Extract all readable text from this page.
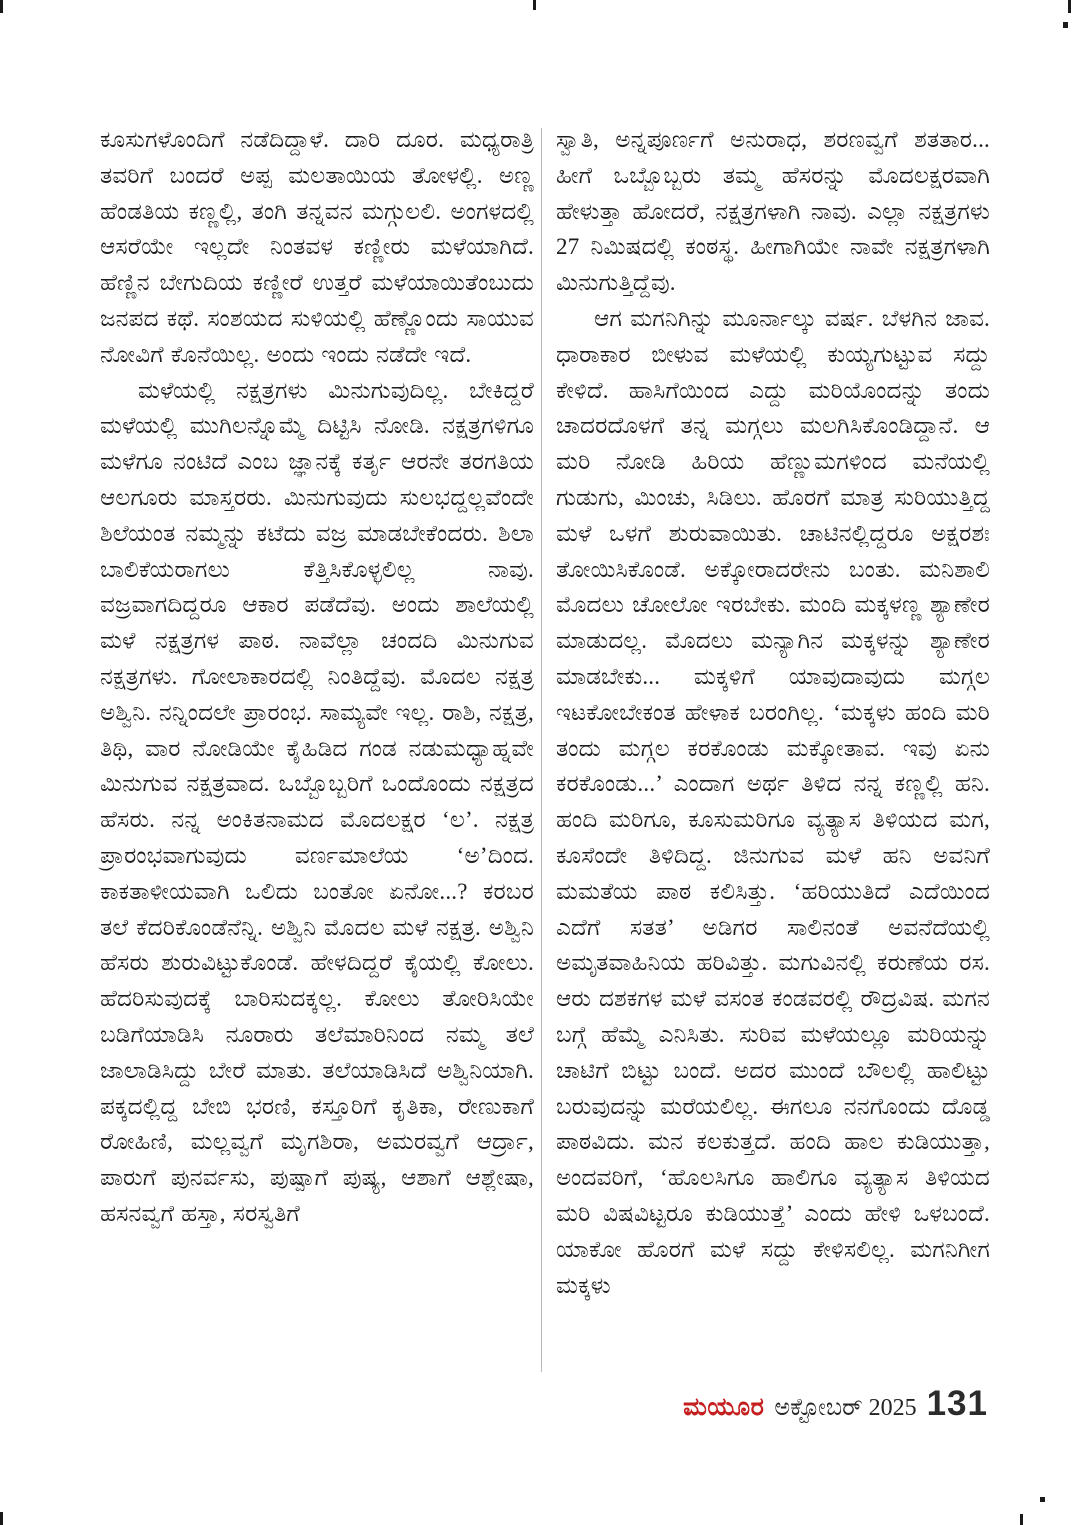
ಕೂಸುಗಳೊಂದಿಗೆ ನಡೆದಿದ್ದಾಳೆ. ದಾರಿ ದೂರ. ಮಧ್ಯರಾತ್ರಿ ತವರಿಗೆ ಬಂದರೆ ಅಪ್ಪ ಮಲತಾಯಿಯ ತೋಳಲ್ಲಿ. ಅಣ್ಣ ಹೆಂಡತಿಯ ಕಣ್ಣಲ್ಲಿ, ತಂಗಿ ತನ್ನವನ ಮಗ್ಗುಲಲಿ. ಅಂಗಳದಲ್ಲಿ ಆಸರೆಯೇ ಇಲ್ಲದೇ ನಿಂತವಳ ಕಣ್ಣೀರು ಮಳೆಯಾಗಿದೆ. ಹೆಣ್ಣಿನ ಬೇಗುದಿಯ ಕಣ್ಣೀರೆ ಉತ್ತರೆ ಮಳೆಯಾಯಿತೆಂಬುದು ಜನಪದ ಕಥೆ. ಸಂಶಯದ ಸುಳಿಯಲ್ಲಿ ಹೆಣ್ಣೊಂದು ಸಾಯುವ ನೋವಿಗೆ ಕೊನೆಯಿಲ್ಲ. ಅಂದು ಇಂದು ನಡೆದೇ ಇದೆ.

ಮಳೆಯಲ್ಲಿ ನಕ್ಷತ್ರಗಳು ಮಿನುಗುವುದಿಲ್ಲ. ಬೇಕಿದ್ದರೆ ಮಳೆಯಲ್ಲಿ ಮುಗಿಲನ್ನೊಮ್ಮೆ ದಿಟ್ಟಿಸಿ ನೋಡಿ. ನಕ್ಷತ್ರಗಳಿಗೂ ಮಳೆಗೂ ನಂಟಿದೆ ಎಂಬ ಜ್ಞಾನಕ್ಕೆ ಕರ್ತೃ ಆರನೇ ತರಗತಿಯ ಆಲಗೂರು ಮಾಸ್ತರರು. ಮಿನುಗುವುದು ಸುಲಭದ್ದಲ್ಲವೆಂದೇ ಶಿಲೆಯಂತ ನಮ್ಮನ್ನು ಕಟೆದು ವಜ್ರ ಮಾಡಬೇಕೆಂದರು. ಶಿಲಾ ಬಾಲಿಕೆಯರಾಗಲು ಕೆತ್ತಿಸಿಕೊಳ್ಳಲಿಲ್ಲ ನಾವು. ವಜ್ರವಾಗದಿದ್ದರೂ ಆಕಾರ ಪಡೆದೆವು. ಅಂದು ಶಾಲೆಯಲ್ಲಿ ಮಳೆ ನಕ್ಷತ್ರಗಳ ಪಾಠ. ನಾವೆಲ್ಲಾ ಚಂದದಿ ಮಿನುಗುವ ನಕ್ಷತ್ರಗಳು. ಗೋಲಾಕಾರದಲ್ಲಿ ನಿಂತಿದ್ದೆವು. ಮೊದಲ ನಕ್ಷತ್ರ ಅಶ್ವಿನಿ. ನನ್ನಿಂದಲೇ ಪ್ರಾರಂಭ. ಸಾಮ್ಯವೇ ಇಲ್ಲ. ರಾಶಿ, ನಕ್ಷತ್ರ, ತಿಥಿ, ವಾರ ನೋಡಿಯೇ ಕೈಹಿಡಿದ ಗಂಡ ನಡುಮಧ್ಯಾಹ್ನವೇ ಮಿನುಗುವ ನಕ್ಷತ್ರವಾದ. ಒಬ್ಬೊಬ್ಬರಿಗೆ ಒಂದೊಂದು ನಕ್ಷತ್ರದ ಹೆಸರು. ನನ್ನ ಅಂಕಿತನಾಮದ ಮೊದಲಕ್ಷರ ‘ಲ’. ನಕ್ಷತ್ರ ಪ್ರಾರಂಭವಾಗುವುದು ವರ್ಣಮಾಲೆಯ ‘ಅ’ದಿಂದ. ಕಾಕತಾಳೀಯವಾಗಿ ಒಲಿದು ಬಂತೋ ಏನೋ...? ಕರಬರ ತಲೆ ಕೆದರಿಕೊಂಡೆನೆನ್ನಿ. ಅಶ್ವಿನಿ ಮೊದಲ ಮಳೆ ನಕ್ಷತ್ರ. ಅಶ್ವಿನಿ ಹೆಸರು ಶುರುವಿಟ್ಟುಕೊಂಡೆ. ಹೇಳದಿದ್ದರೆ ಕೈಯಲ್ಲಿ ಕೋಲು. ಹೆದರಿಸುವುದಕ್ಕೆ ಬಾರಿಸುದಕ್ಕಲ್ಲ. ಕೋಲು ತೋರಿಸಿಯೇ ಬಡಿಗೆಯಾಡಿಸಿ ನೂರಾರು ತಲೆಮಾರಿನಿಂದ ನಮ್ಮ ತಲೆ ಜಾಲಾಡಿಸಿದ್ದು ಬೇರೆ ಮಾತು. ತಲೆಯಾಡಿಸಿದೆ ಅಶ್ವಿನಿಯಾಗಿ. ಪಕ್ಕದಲ್ಲಿದ್ದ ಬೇಬಿ ಭರಣಿ, ಕಸ್ತೂರಿಗೆ ಕೃತಿಕಾ, ರೇಣುಕಾಗೆ ರೋಹಿಣಿ, ಮಲ್ಲವ್ವಗೆ ಮೃಗಶಿರಾ, ಅಮರವ್ವಗೆ ಆರ್ದ್ರಾ, ಪಾರುಗೆ ಪುನರ್ವಸು, ಪುಷ್ಪಾಗೆ ಪುಷ್ಯ, ಆಶಾಗೆ ಆಶ್ಲೇಷಾ, ಹಸನವ್ವಗೆ ಹಸ್ತಾ, ಸರಸ್ವತಿಗೆ

ಸ್ವಾತಿ, ಅನ್ನಪೂರ್ಣಗೆ ಅನುರಾಧ, ಶರಣವ್ವಗೆ ಶತತಾರ... ಹೀಗೆ ಒಬ್ಬೊಬ್ಬರು ತಮ್ಮ ಹೆಸರನ್ನು ಮೊದಲಕ್ಷರವಾಗಿ ಹೇಳುತ್ತಾ ಹೋದರೆ, ನಕ್ಷತ್ರಗಳಾಗಿ ನಾವು. ಎಲ್ಲಾ ನಕ್ಷತ್ರಗಳು 27 ನಿಮಿಷದಲ್ಲಿ ಕಂಠಸ್ಥ. ಹೀಗಾಗಿಯೇ ನಾವೇ ನಕ್ಷತ್ರಗಳಾಗಿ ಮಿನುಗುತ್ತಿದ್ದೆವು.

ಆಗ ಮಗನಿಗಿನ್ನು ಮೂರ್ನಾಲ್ಕು ವರ್ಷ. ಬೆಳಗಿನ ಜಾವ. ಧಾರಾಕಾರ ಬೀಳುವ ಮಳೆಯಲ್ಲಿ ಕುಯ್ಯಗುಟ್ಟುವ ಸದ್ದು ಕೇಳಿದೆ. ಹಾಸಿಗೆಯಿಂದ ಎದ್ದು ಮರಿಯೊಂದನ್ನು ತಂದು ಚಾದರದೊಳಗೆ ತನ್ನ ಮಗ್ಗಲು ಮಲಗಿಸಿಕೊಂಡಿದ್ದಾನೆ. ಆ ಮರಿ ನೋಡಿ ಹಿರಿಯ ಹೆಣ್ಣುಮಗಳಿಂದ ಮನೆಯಲ್ಲಿ ಗುಡುಗು, ಮಿಂಚು, ಸಿಡಿಲು. ಹೊರಗೆ ಮಾತ್ರ ಸುರಿಯುತ್ತಿದ್ದ ಮಳೆ ಒಳಗೆ ಶುರುವಾಯಿತು. ಚಾಟಿನಲ್ಲಿದ್ದರೂ ಅಕ್ಷರಶಃ ತೋಯಿಸಿಕೊಂಡೆ. ಅಕ್ಕೋರಾದರೇನು ಬಂತು. ಮನಿಶಾಲಿ ಮೊದಲು ಚೋಲೋ ಇರಬೇಕು. ಮಂದಿ ಮಕ್ಕಳಣ್ಣ ಶ್ಯಾಣೇರ ಮಾಡುದಲ್ಲ. ಮೊದಲು ಮನ್ಯಾಗಿನ ಮಕ್ಕಳನ್ನು ಶ್ಯಾಣೇರ ಮಾಡಬೇಕು... ಮಕ್ಕಳಿಗೆ ಯಾವುದಾವುದು ಮಗ್ಗಲ ಇಟಕೋಬೇಕಂತ ಹೇಳಾಕ ಬರಂಗಿಲ್ಲ. ‘ಮಕ್ಕಳು ಹಂದಿ ಮರಿ ತಂದು ಮಗ್ಗಲ ಕರಕೊಂಡು ಮಕ್ಕೋತಾವ. ಇವು ಏನು ಕರಕೊಂಡು...’ ಎಂದಾಗ ಅರ್ಥ ತಿಳಿದ ನನ್ನ ಕಣ್ಣಲ್ಲಿ ಹನಿ. ಹಂದಿ ಮರಿಗೂ, ಕೂಸುಮರಿಗೂ ವ್ಯತ್ಯಾಸ ತಿಳಿಯದ ಮಗ, ಕೂಸೆಂದೇ ತಿಳಿದಿದ್ದ. ಜಿನುಗುವ ಮಳೆ ಹನಿ ಅವನಿಗೆ ಮಮತೆಯ ಪಾಠ ಕಲಿಸಿತ್ತು. ‘ಹರಿಯುತಿದೆ ಎದೆಯಿಂದ ಎದೆಗೆ ಸತತ’ ಅಡಿಗರ ಸಾಲಿನಂತೆ ಅವನೆದೆಯಲ್ಲಿ ಅಮೃತವಾಹಿನಿಯ ಹರಿವಿತ್ತು. ಮಗುವಿನಲ್ಲಿ ಕರುಣೆಯ ರಸ. ಆರು ದಶಕಗಳ ಮಳೆ ವಸಂತ ಕಂಡವರಲ್ಲಿ ರೌದ್ರವಿಷ. ಮಗನ ಬಗ್ಗೆ ಹೆಮ್ಮೆ ಎನಿಸಿತು. ಸುರಿವ ಮಳೆಯಲ್ಲೂ ಮರಿಯನ್ನು ಚಾಟಿಗೆ ಬಿಟ್ಟು ಬಂದೆ. ಅದರ ಮುಂದೆ ಬೌಲಲ್ಲಿ ಹಾಲಿಟ್ಟು ಬರುವುದನ್ನು ಮರೆಯಲಿಲ್ಲ. ಈಗಲೂ ನನಗೊಂದು ದೊಡ್ಡ ಪಾಠವಿದು. ಮನ ಕಲಕುತ್ತದೆ. ಹಂದಿ ಹಾಲ ಕುಡಿಯುತ್ತಾ, ಅಂದವರಿಗೆ, ‘ಹೊಲಸಿಗೂ ಹಾಲಿಗೂ ವ್ಯತ್ಯಾಸ ತಿಳಿಯದ ಮರಿ ವಿಷವಿಟ್ಟರೂ ಕುಡಿಯುತ್ತೆ’ ಎಂದು ಹೇಳಿ ಒಳಬಂದೆ. ಯಾಕೋ ಹೊರಗೆ ಮಳೆ ಸದ್ದು ಕೇಳಿಸಲಿಲ್ಲ. ಮಗನಿಗೀಗ ಮಕ್ಕಳು

ಮಯೂರ ಅಕ್ಟೋಬರ್ 2025 131
